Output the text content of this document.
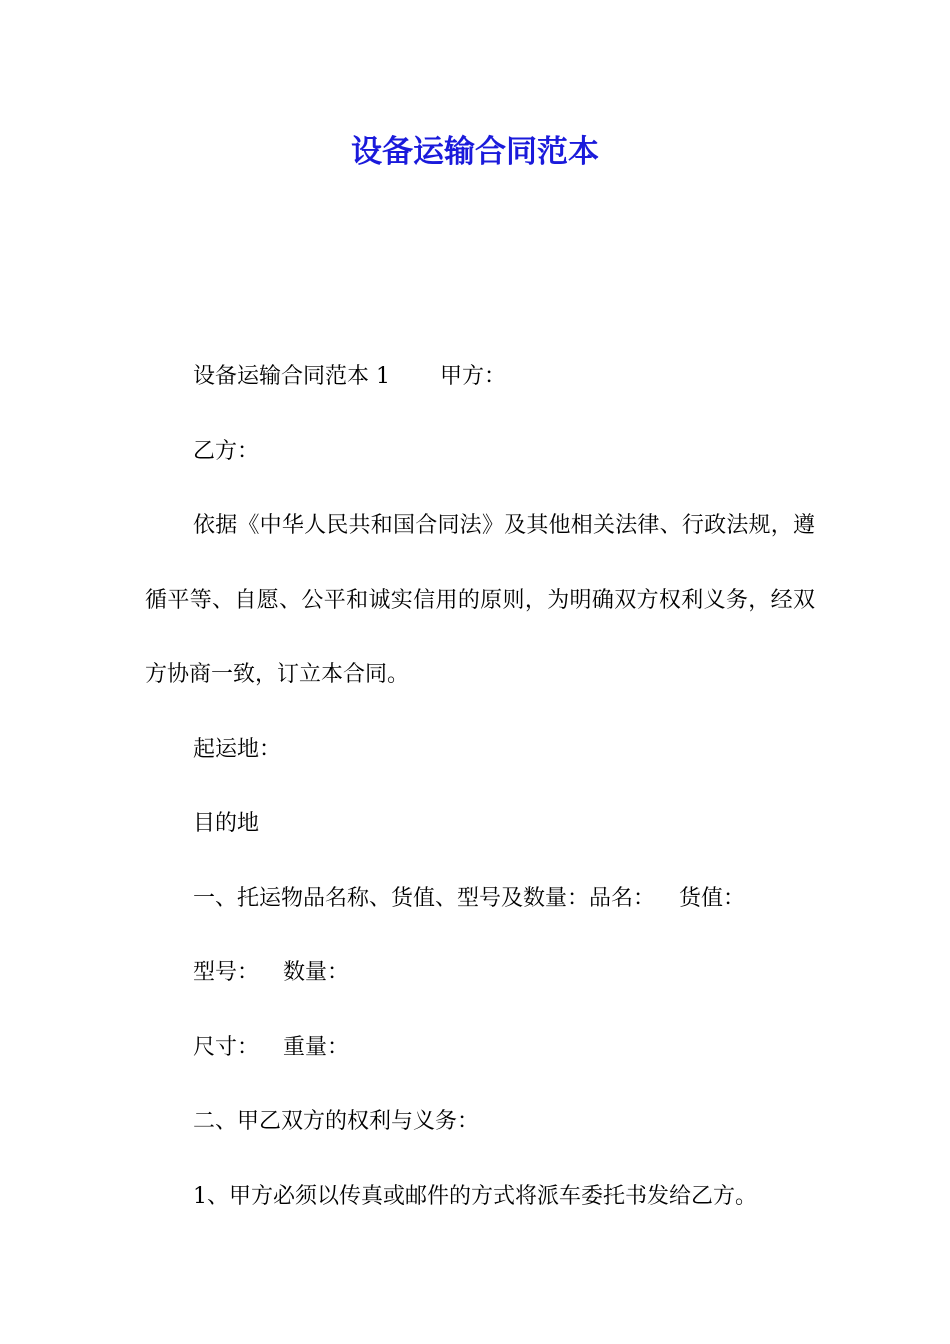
设备运输合同范本

设备运输合同范本 1 甲方：

乙方：

依据《中华人民共和国合同法》及其他相关法律、行政法规，遵循平等、自愿、公平和诚实信用的原则，为明确双方权利义务，经双方协商一致，订立本合同。

起运地：

目的地

一、托运物品名称、货值、型号及数量：品名： 货值：

型号： 数量：

尺寸： 重量：

二、甲乙双方的权利与义务：

1、甲方必须以传真或邮件的方式将派车委托书发给乙方。
